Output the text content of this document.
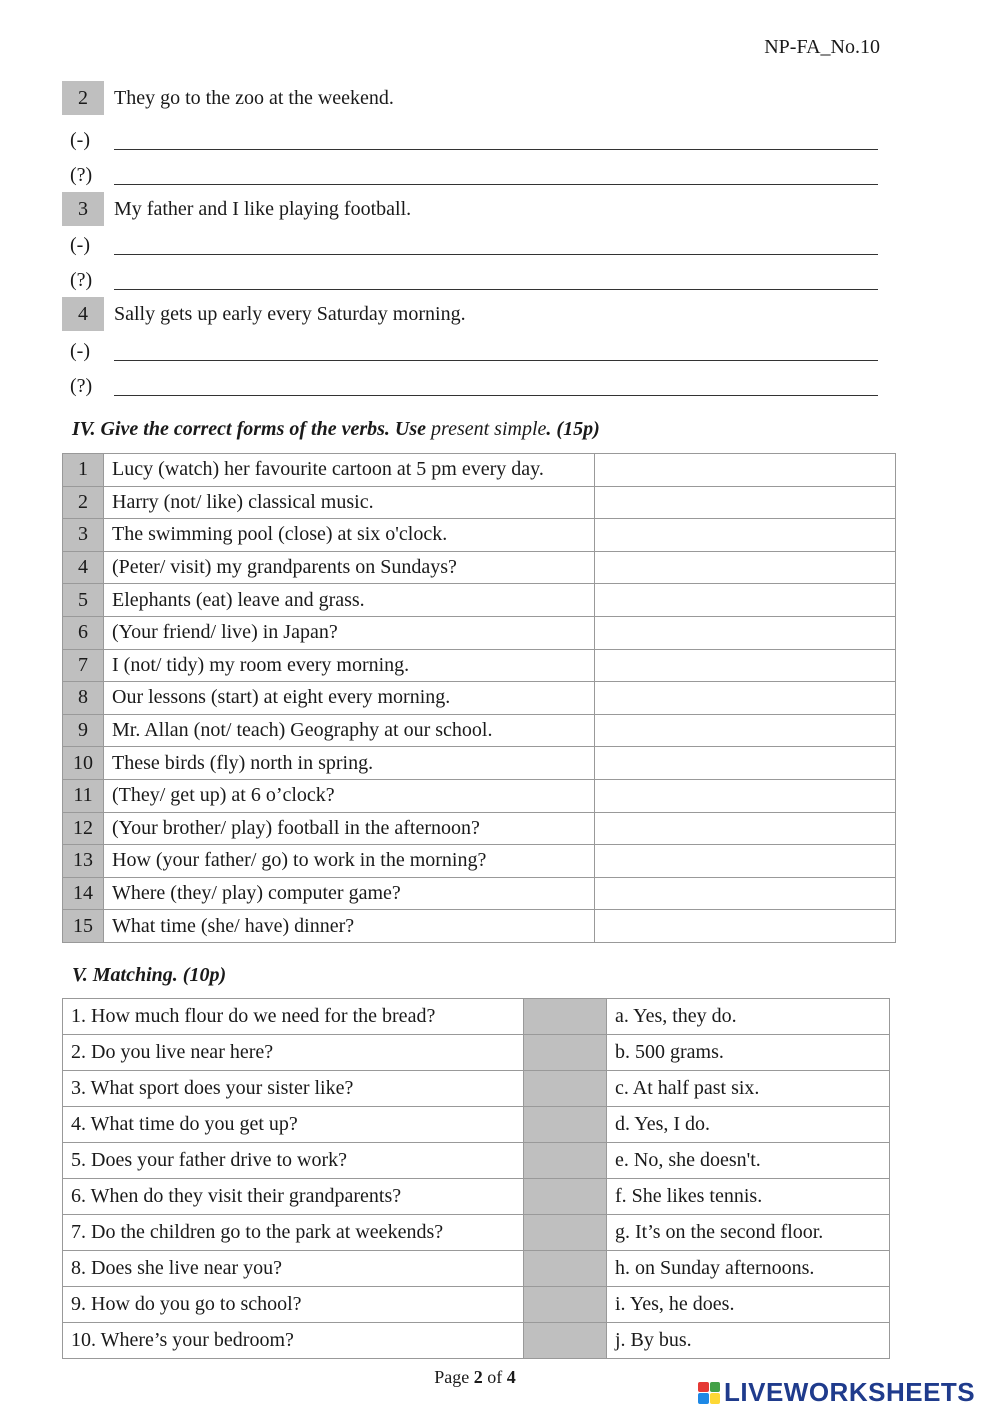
NP-FA_No.10
2	They go to the zoo at the weekend.
(-)
(?)
3	My father and I like playing football.
(-)
(?)
4	Sally gets up early every Saturday morning.
(-)
(?)
IV. Give the correct forms of the verbs. Use present simple. (15p)
1	Lucy (watch) her favourite cartoon at 5 pm every day.	
2	Harry (not/ like) classical music.	
3	The swimming pool (close) at six o'clock.	
4	(Peter/ visit) my grandparents on Sundays?	
5	Elephants (eat) leave and grass.	
6	(Your friend/ live) in Japan?	
7	I (not/ tidy) my room every morning.	
8	Our lessons (start) at eight every morning.	
9	Mr. Allan (not/ teach) Geography at our school.	
10	These birds (fly) north in spring.	
11	(They/ get up) at 6 o’clock?	
12	(Your brother/ play) football in the afternoon?	
13	How (your father/ go) to work in the morning?	
14	Where (they/ play) computer game?	
15	What time (she/ have) dinner?	
V. Matching. (10p)
1. How much flour do we need for the bread?		a. Yes, they do.
2. Do you live near here?		b. 500 grams.
3. What sport does your sister like?		c. At half past six.
4. What time do you get up?		d. Yes, I do.
5. Does your father drive to work?		e. No, she doesn't.
6. When do they visit their grandparents?		f. She likes tennis.
7. Do the children go to the park at weekends?		g. It’s on the second floor.
8. Does she live near you?		h. on Sunday afternoons.
9. How do you go to school?		i. Yes, he does.
10. Where’s your bedroom?		j. By bus.
Page 2 of 4	LIVEWORKSHEETS
